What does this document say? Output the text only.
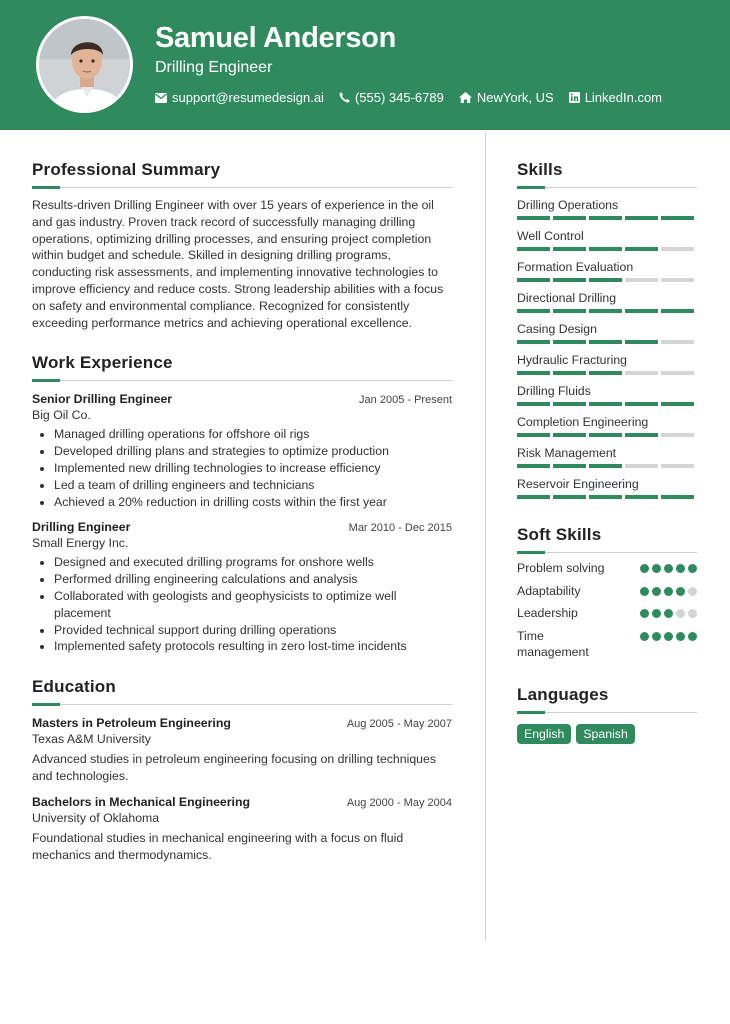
Samuel Anderson
Drilling Engineer
support@resumedesign.ai (555) 345-6789	NewYork, US LinkedIn.com
Professional Summary

Results-driven Drilling Engineer with over 15 years of experience in the oil and gas industry. Proven track record of successfully managing drilling operations, optimizing drilling processes, and ensuring project completion within budget and schedule. Skilled in designing drilling programs, conducting risk assessments, and implementing innovative technologies to improve efficiency and reduce costs. Strong leadership abilities with a focus on safety and environmental compliance. Recognized for consistently exceeding performance metrics and achieving operational excellence.

Work Experience
Senior Drilling Engineer	Jan 2005 - Present
Big Oil Co.
• Managed drilling operations for offshore oil rigs
• Developed drilling plans and strategies to optimize production
• Implemented new drilling technologies to increase efficiency
• Led a team of drilling engineers and technicians
• Achieved a 20% reduction in drilling costs within the first year
Drilling Engineer	Mar 2010 - Dec 2015
Small Energy Inc.
• Designed and executed drilling programs for onshore wells
• Performed drilling engineering calculations and analysis
• Collaborated with geologists and geophysicists to optimize well placement
• Provided technical support during drilling operations
• Implemented safety protocols resulting in zero lost-time incidents
Education
Masters in Petroleum Engineering	Aug 2005 - May 2007
Texas A&M University

Advanced studies in petroleum engineering focusing on drilling techniques and technologies.

Bachelors in Mechanical Engineering	Aug 2000 - May 2004
University of Oklahoma

Foundational studies in mechanical engineering with a focus on fluid mechanics and thermodynamics.

Skills
Drilling Operations
Well Control
Formation Evaluation
Directional Drilling
Casing Design
Hydraulic Fracturing
Drilling Fluids
Completion Engineering
Risk Management
Reservoir Engineering
Soft Skills
Problem solving
Adaptability
Leadership
Time management
Languages
English	Spanish
